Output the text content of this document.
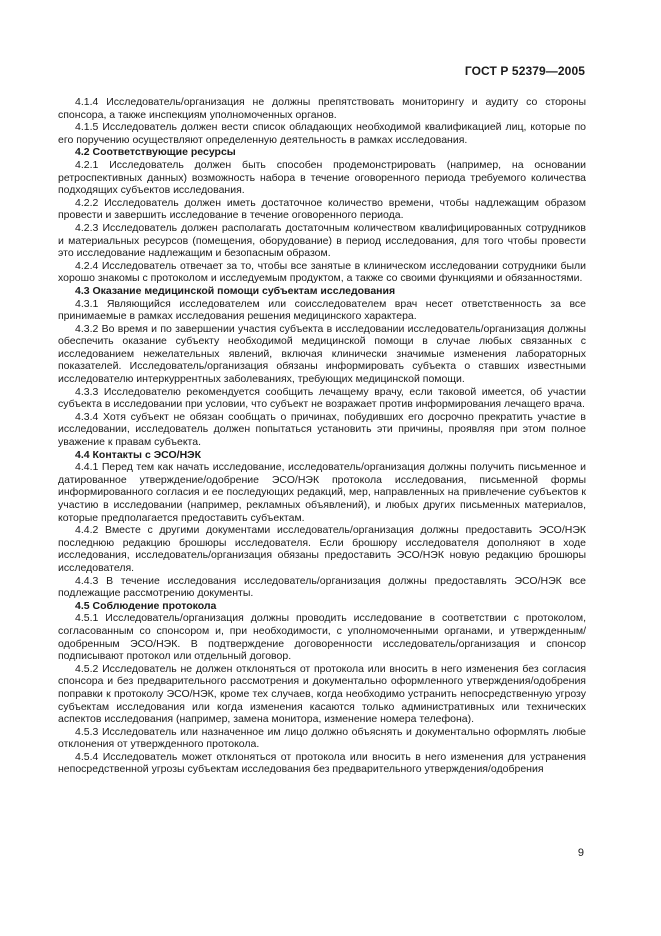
ГОСТ Р 52379—2005
4.1.4 Исследователь/организация не должны препятствовать мониторингу и аудиту со стороны спонсора, а также инспекциям уполномоченных органов.
4.1.5 Исследователь должен вести список обладающих необходимой квалификацией лиц, которые по его поручению осуществляют определенную деятельность в рамках исследования.
4.2 Соответствующие ресурсы
4.2.1 Исследователь должен быть способен продемонстрировать (например, на основании ретроспективных данных) возможность набора в течение оговоренного периода требуемого количества подходящих субъектов исследования.
4.2.2 Исследователь должен иметь достаточное количество времени, чтобы надлежащим образом провести и завершить исследование в течение оговоренного периода.
4.2.3 Исследователь должен располагать достаточным количеством квалифицированных сотрудников и материальных ресурсов (помещения, оборудование) в период исследования, для того чтобы провести это исследование надлежащим и безопасным образом.
4.2.4 Исследователь отвечает за то, чтобы все занятые в клиническом исследовании сотрудники были хорошо знакомы с протоколом и исследуемым продуктом, а также со своими функциями и обязанностями.
4.3 Оказание медицинской помощи субъектам исследования
4.3.1 Являющийся исследователем или соисследователем врач несет ответственность за все принимаемые в рамках исследования решения медицинского характера.
4.3.2 Во время и по завершении участия субъекта в исследовании исследователь/организация должны обеспечить оказание субъекту необходимой медицинской помощи в случае любых связанных с исследованием нежелательных явлений, включая клинически значимые изменения лабораторных показателей. Исследователь/организация обязаны информировать субъекта о ставших известными исследователю интеркуррентных заболеваниях, требующих медицинской помощи.
4.3.3 Исследователю рекомендуется сообщить лечащему врачу, если таковой имеется, об участии субъекта в исследовании при условии, что субъект не возражает против информирования лечащего врача.
4.3.4 Хотя субъект не обязан сообщать о причинах, побудивших его досрочно прекратить участие в исследовании, исследователь должен попытаться установить эти причины, проявляя при этом полное уважение к правам субъекта.
4.4 Контакты с ЭСО/НЭК
4.4.1 Перед тем как начать исследование, исследователь/организация должны получить письменное и датированное утверждение/одобрение ЭСО/НЭК протокола исследования, письменной формы информированного согласия и ее последующих редакций, мер, направленных на привлечение субъектов к участию в исследовании (например, рекламных объявлений), и любых других письменных материалов, которые предполагается предоставить субъектам.
4.4.2 Вместе с другими документами исследователь/организация должны предоставить ЭСО/НЭК последнюю редакцию брошюры исследователя. Если брошюру исследователя дополняют в ходе исследования, исследователь/организация обязаны предоставить ЭСО/НЭК новую редакцию брошюры исследователя.
4.4.3 В течение исследования исследователь/организация должны предоставлять ЭСО/НЭК все подлежащие рассмотрению документы.
4.5 Соблюдение протокола
4.5.1 Исследователь/организация должны проводить исследование в соответствии с протоколом, согласованным со спонсором и, при необходимости, с уполномоченными органами, и утвержденным/одобренным ЭСО/НЭК. В подтверждение договоренности исследователь/организация и спонсор подписывают протокол или отдельный договор.
4.5.2 Исследователь не должен отклоняться от протокола или вносить в него изменения без согласия спонсора и без предварительного рассмотрения и документально оформленного утверждения/одобрения поправки к протоколу ЭСО/НЭК, кроме тех случаев, когда необходимо устранить непосредственную угрозу субъектам исследования или когда изменения касаются только административных или технических аспектов исследования (например, замена монитора, изменение номера телефона).
4.5.3 Исследователь или назначенное им лицо должно объяснять и документально оформлять любые отклонения от утвержденного протокола.
4.5.4 Исследователь может отклоняться от протокола или вносить в него изменения для устранения непосредственной угрозы субъектам исследования без предварительного утверждения/одобрения
9
